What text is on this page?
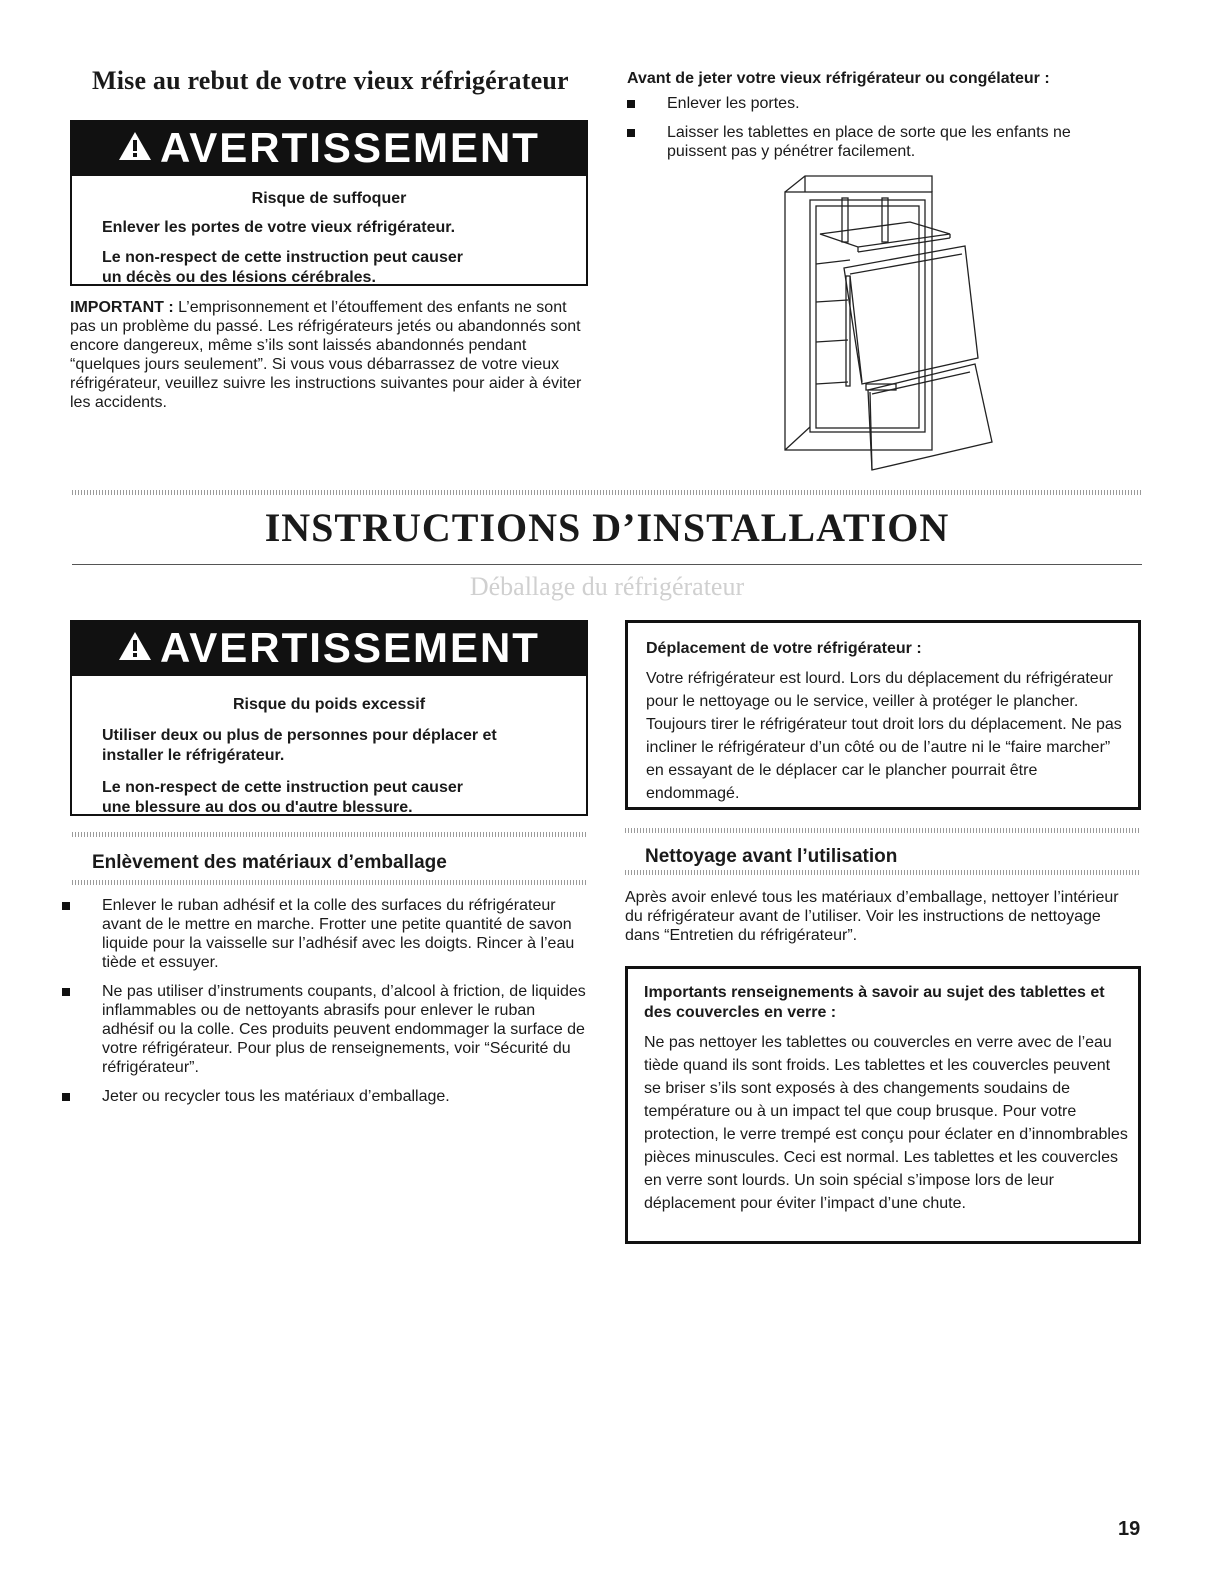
Mise au rebut de votre vieux réfrigérateur
AVERTISSEMENT
Risque de suffoquer
Enlever les portes de votre vieux réfrigérateur.
Le non-respect de cette instruction peut causer
un décès ou des lésions cérébrales.
IMPORTANT : L’emprisonnement et l’étouffement des enfants ne sont pas un problème du passé. Les réfrigérateurs jetés ou abandonnés sont encore dangereux, même s’ils sont laissés abandonnés pendant “quelques jours seulement”. Si vous vous débarrassez de votre vieux réfrigérateur, veuillez suivre les instructions suivantes pour aider à éviter les accidents.
Avant de jeter votre vieux réfrigérateur ou congélateur :
Enlever les portes.
Laisser les tablettes en place de sorte que les enfants ne puissent pas y pénétrer facilement.
INSTRUCTIONS D’INSTALLATION
Déballage du réfrigérateur
AVERTISSEMENT
Risque du poids excessif
Utiliser deux ou plus de personnes pour déplacer et
installer le réfrigérateur.
Le non-respect de cette instruction peut causer
une blessure au dos ou d'autre blessure.
Déplacement de votre réfrigérateur :
Votre réfrigérateur est lourd. Lors du déplacement du réfrigérateur pour le nettoyage ou le service, veiller à protéger le plancher. Toujours tirer le réfrigérateur tout droit lors du déplacement. Ne pas incliner le réfrigérateur d’un côté ou de l’autre ni le “faire marcher” en essayant de le déplacer car le plancher pourrait être endommagé.
Enlèvement des matériaux d’emballage
Enlever le ruban adhésif et la colle des surfaces du réfrigérateur avant de le mettre en marche. Frotter une petite quantité de savon liquide pour la vaisselle sur l’adhésif avec les doigts. Rincer à l’eau tiède et essuyer.
Ne pas utiliser d’instruments coupants, d’alcool à friction, de liquides inflammables ou de nettoyants abrasifs pour enlever le ruban adhésif ou la colle. Ces produits peuvent endommager la surface de votre réfrigérateur. Pour plus de renseignements, voir “Sécurité du réfrigérateur”.
Jeter ou recycler tous les matériaux d’emballage.
Nettoyage avant l’utilisation
Après avoir enlevé tous les matériaux d’emballage, nettoyer l’intérieur du réfrigérateur avant de l’utiliser. Voir les instructions de nettoyage dans “Entretien du réfrigérateur”.
Importants renseignements à savoir au sujet des tablettes et des couvercles en verre :
Ne pas nettoyer les tablettes ou couvercles en verre avec de l’eau tiède quand ils sont froids. Les tablettes et les couvercles peuvent se briser s’ils sont exposés à des changements soudains de température ou à un impact tel que coup brusque. Pour votre protection, le verre trempé est conçu pour éclater en d’innombrables pièces minuscules. Ceci est normal. Les tablettes et les couvercles en verre sont lourds. Un soin spécial s’impose lors de leur déplacement pour éviter l’impact d’une chute.
19
